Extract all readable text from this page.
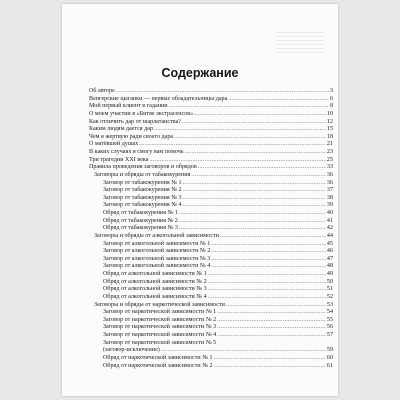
Содержание
Об авторе .....	3
Венгерские цыганки — первые обладательницы дара .....	6
Мой первый клиент в гадании .....	8
О моем участии в «Битве экстрасенсов» .....	10
Как отличить дар от шарлатанства? .....	12
Каким людям дается дар .....	15
Чем я жертвую ради своего дара .....	18
О матёвшей душах .....	21
В каких случаях я смогу вам помочь .....	23
Три трагедии XXI века .....	25
Правила проведения заговоров и обрядов .....	33
Заговоры и обряды от табакокурения .....	36
Заговор от табакокурения № 1 .....	36
Заговор от табакокурения № 2 .....	37
Заговор от табакокурения № 3 .....	38
Заговор от табакокурения № 4 .....	39
Обряд от табакокурения № 1 .....	40
Обряд от табакокурения № 2 .....	41
Обряд от табакокурения № 3 .....	42
Заговоры и обряды от алкогольной зависимости .....	44
Заговор от алкогольной зависимости № 1 .....	45
Заговор от алкогольной зависимости № 2 .....	46
Заговор от алкогольной зависимости № 3 .....	47
Заговор от алкогольной зависимости № 4 .....	48
Обряд от алкогольной зависимости № 1 .....	49
Обряд от алкогольной зависимости № 2 .....	50
Обряд от алкогольной зависимости № 3 .....	51
Обряд от алкогольной зависимости № 4 .....	52
Заговоры и обряды от наркотической зависимости .....	53
Заговор от наркотической зависимости № 1 .....	54
Заговор от наркотической зависимости № 2 .....	55
Заговор от наркотической зависимости № 3 .....	56
Заговор от наркотической зависимости № 4 .....	57
Заговор от наркотической зависимости № 5
(заговор-исключение) .....	59
Обряд от наркотической зависимости № 1 .....	60
Обряд от наркотической зависимости № 2 .....	61
